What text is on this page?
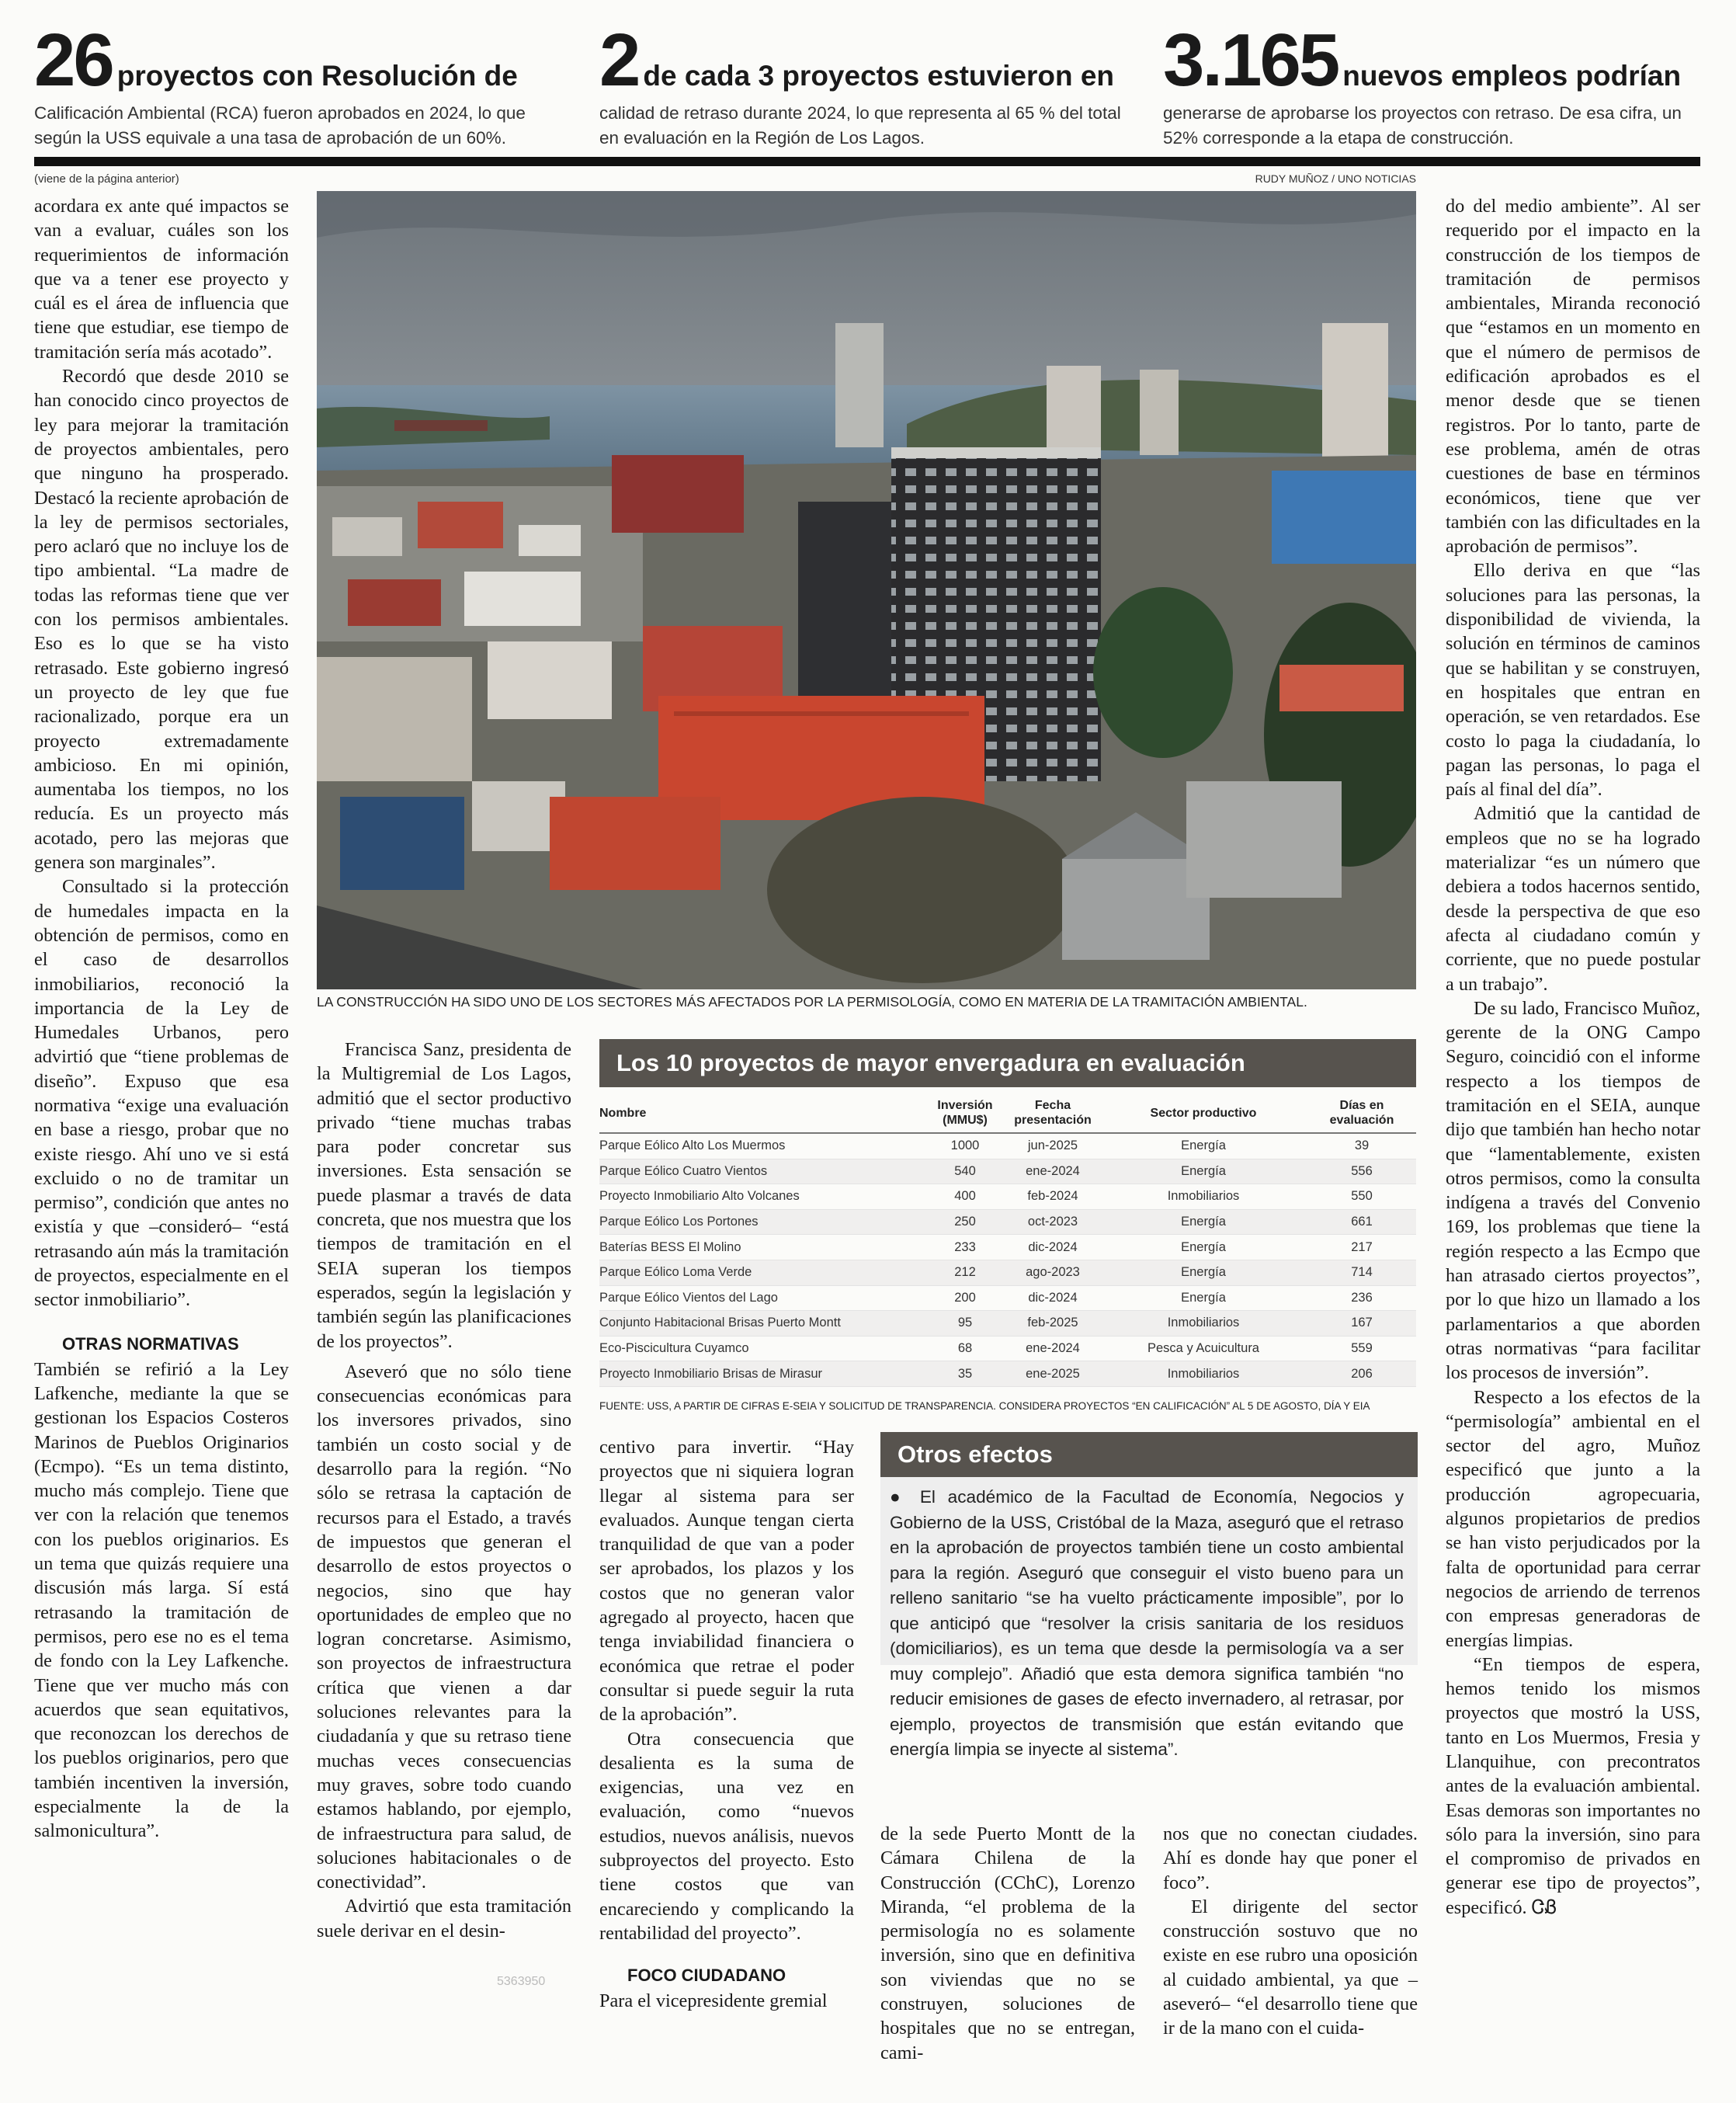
26 proyectos con Resolución de
Calificación Ambiental (RCA) fueron aprobados en 2024, lo que según la USS equivale a una tasa de aprobación de un 60%.
2 de cada 3 proyectos estuvieron en
calidad de retraso durante 2024, lo que representa al 65 % del total en evaluación en la Región de Los Lagos.
3.165 nuevos empleos podrían
generarse de aprobarse los proyectos con retraso. De esa cifra, un 52% corresponde a la etapa de construcción.
(viene de la página anterior)	RUDY MUÑOZ / UNO NOTICIAS

acordara ex ante qué impactos se van a evaluar, cuáles son los requerimientos de información que va a tener ese proyecto y cuál es el área de influencia que tiene que estudiar, ese tiempo de tramitación sería más acotado”.

Recordó que desde 2010 se han conocido cinco proyectos de ley para mejorar la tramitación de proyectos ambientales, pero que ninguno ha prosperado. Destacó la reciente aprobación de la ley de permisos sectoriales, pero aclaró que no incluye los de tipo ambiental. “La madre de todas las reformas tiene que ver con los permisos ambientales. Eso es lo que se ha visto retrasado. Este gobierno ingresó un proyecto de ley que fue racionalizado, porque era un proyecto extremadamente ambicioso. En mi opinión, aumentaba los tiempos, no los reducía. Es un proyecto más acotado, pero las mejoras que genera son marginales”.

Consultado si la protección de humedales impacta en la obtención de permisos, como en el caso de desarrollos inmobiliarios, reconoció la importancia de la Ley de Humedales Urbanos, pero advirtió que “tiene problemas de diseño”. Expuso que esa normativa “exige una evaluación en base a riesgo, probar que no existe riesgo. Ahí uno ve si está excluido o no de tramitar un permiso”, condición que antes no existía y que –consideró– “está retrasando aún más la tramitación de proyectos, especialmente en el sector inmobiliario”.

OTRAS NORMATIVAS

También se refirió a la Ley Lafkenche, mediante la que se gestionan los Espacios Costeros Marinos de Pueblos Originarios (Ecmpo). “Es un tema distinto, mucho más complejo. Tiene que ver con la relación que tenemos con los pueblos originarios. Es un tema que quizás requiere una discusión más larga. Sí está retrasando la tramitación de permisos, pero ese no es el tema de fondo con la Ley Lafkenche. Tiene que ver mucho más con acuerdos que sean equitativos, que reconozcan los derechos de los pueblos originarios, pero que también incentiven la inversión, especialmente la de la salmonicultura”.

LA CONSTRUCCIÓN HA SIDO UNO DE LOS SECTORES MÁS AFECTADOS POR LA PERMISOLOGÍA, COMO EN MATERIA DE LA TRAMITACIÓN AMBIENTAL.
Los 10 proyectos de mayor envergadura en evaluación
Nombre	Inversión (MMU$)	Fecha presentación	Sector productivo	Días en evaluación
Parque Eólico Alto Los Muermos	1000	jun-2025	Energía	39
Parque Eólico Cuatro Vientos	540	ene-2024	Energía	556
Proyecto Inmobiliario Alto Volcanes	400	feb-2024	Inmobiliarios	550
Parque Eólico Los Portones	250	oct-2023	Energía	661
Baterías BESS El Molino	233	dic-2024	Energía	217
Parque Eólico Loma Verde	212	ago-2023	Energía	714
Parque Eólico Vientos del Lago	200	dic-2024	Energía	236
Conjunto Habitacional Brisas Puerto Montt	95	feb-2025	Inmobiliarios	167
Eco-Piscicultura Cuyamco	68	ene-2024	Pesca y Acuicultura	559
Proyecto Inmobiliario Brisas de Mirasur	35	ene-2025	Inmobiliarios	206
FUENTE: USS, A PARTIR DE CIFRAS E-SEIA Y SOLICITUD DE TRANSPARENCIA. CONSIDERA PROYECTOS “EN CALIFICACIÓN” AL 5 DE AGOSTO, DÍA Y EIA

Francisca Sanz, presidenta de la Multigremial de Los Lagos, admitió que el sector productivo privado “tiene muchas trabas para poder concretar sus inversiones. Esta sensación se puede plasmar a través de data concreta, que nos muestra que los tiempos de tramitación en el SEIA superan los tiempos esperados, según la legislación y también según las planificaciones de los proyectos”.

Aseveró que no sólo tiene consecuencias económicas para los inversores privados, sino también un costo social y de desarrollo para la región. “No sólo se retrasa la captación de recursos para el Estado, a través de impuestos que generan el desarrollo de estos proyectos o negocios, sino que hay oportunidades de empleo que no logran concretarse. Asimismo, son proyectos de infraestructura crítica que vienen a dar soluciones relevantes para la ciudadanía y que su retraso tiene muchas veces consecuencias muy graves, sobre todo cuando estamos hablando, por ejemplo, de infraestructura para salud, de soluciones habitacionales o de conectividad”.

Advirtió que esta tramitación suele derivar en el desin-

5363950

centivo para invertir. “Hay proyectos que ni siquiera logran llegar al sistema para ser evaluados. Aunque tengan cierta tranquilidad de que van a poder ser aprobados, los plazos y los costos que no generan valor agregado al proyecto, hacen que tenga inviabilidad financiera o económica que retrae el poder consultar si puede seguir la ruta de la aprobación”.

Otra consecuencia que desalienta es la suma de exigencias, una vez en evaluación, como “nuevos estudios, nuevos análisis, nuevos subproyectos del proyecto. Esto tiene costos que van encareciendo y complicando la rentabilidad del proyecto”.

FOCO CIUDADANO

Para el vicepresidente gremial

Otros efectos
● El académico de la Facultad de Economía, Negocios y Gobierno de la USS, Cristóbal de la Maza, aseguró que el retraso en la aprobación de proyectos también tiene un costo ambiental para la región. Aseguró que conseguir el visto bueno para un relleno sanitario “se ha vuelto prácticamente imposible”, por lo que anticipó que “resolver la crisis sanitaria de los residuos (domiciliarios), es un tema que desde la permisología va a ser muy complejo”. Añadió que esta demora significa también “no reducir emisiones de gases de efecto invernadero, al retrasar, por ejemplo, proyectos de transmisión que están evitando que energía limpia se inyecte al sistema”.

de la sede Puerto Montt de la Cámara Chilena de la Construcción (CChC), Lorenzo Miranda, “el problema de la permisología no es solamente inversión, sino que en definitiva son viviendas que no se construyen, soluciones de hospitales que no se entregan, cami-

nos que no conectan ciudades. Ahí es donde hay que poner el foco”.

El dirigente del sector construcción sostuvo que no existe en ese rubro una oposición al cuidado ambiental, ya que –aseveró– “el desarrollo tiene que ir de la mano con el cuida-

do del medio ambiente”. Al ser requerido por el impacto en la construcción de los tiempos de tramitación de permisos ambientales, Miranda reconoció que “estamos en un momento en que el número de permisos de edificación aprobados es el menor desde que se tienen registros. Por lo tanto, parte de ese problema, amén de otras cuestiones de base en términos económicos, tiene que ver también con las dificultades en la aprobación de permisos”.

Ello deriva en que “las soluciones para las personas, la disponibilidad de vivienda, la solución en términos de caminos que se habilitan y se construyen, en hospitales que entran en operación, se ven retardados. Ese costo lo paga la ciudadanía, lo pagan las personas, lo paga el país al final del día”.

Admitió que la cantidad de empleos que no se ha logrado materializar “es un número que debiera a todos hacernos sentido, desde la perspectiva de que eso afecta al ciudadano común y corriente, que no puede postular a un trabajo”.

De su lado, Francisco Muñoz, gerente de la ONG Campo Seguro, coincidió con el informe respecto a los tiempos de tramitación en el SEIA, aunque dijo que también han hecho notar que “lamentablemente, existen otros permisos, como la consulta indígena a través del Convenio 169, los problemas que tiene la región respecto a las Ecmpo que han atrasado ciertos proyectos”, por lo que hizo un llamado a los parlamentarios a que aborden otras normativas “para facilitar los procesos de inversión”.

Respecto a los efectos de la “permisología” ambiental en el sector del agro, Muñoz especificó que junto a la producción agropecuaria, algunos propietarios de predios se han visto perjudicados por la falta de oportunidad para cerrar negocios de arriendo de terrenos con empresas generadoras de energías limpias.

“En tiempos de espera, hemos tenido los mismos proyectos que mostró la USS, tanto en Los Muermos, Fresia y Llanquihue, con precontratos antes de la evaluación ambiental. Esas demoras son importantes no sólo para la inversión, sino para el compromiso de privados en generar ese tipo de proyectos”, especificó. ᏣᏰ
